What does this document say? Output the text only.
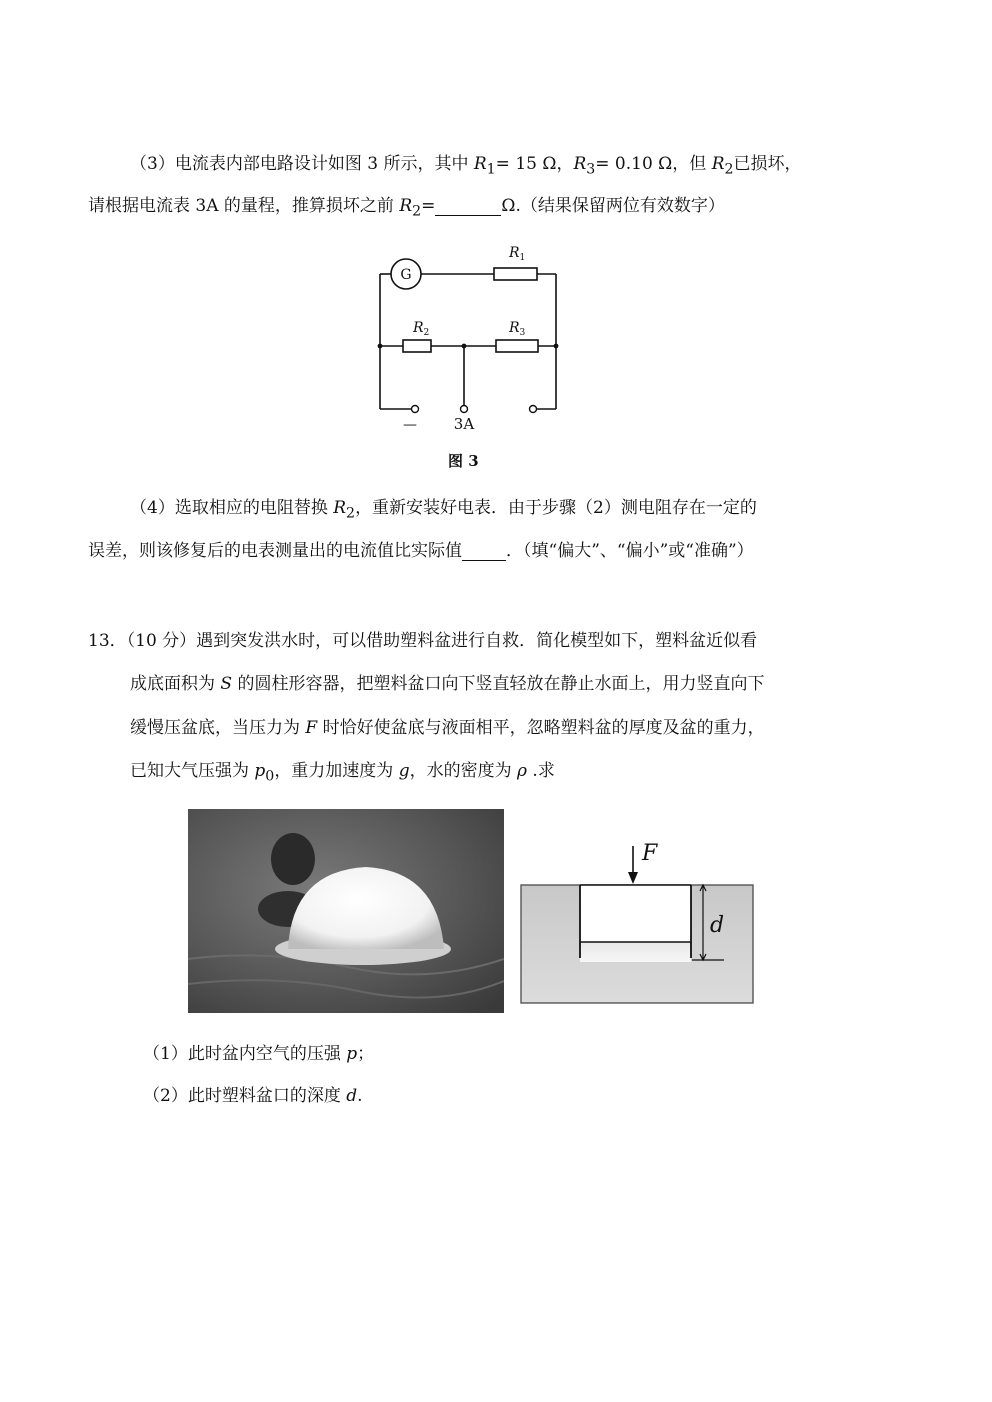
（3）电流表内部电路设计如图 3 所示，其中 $R_1= 15$ Ω，$R_3= 0.10$ Ω，但 $R_2$已损坏，
请根据电流表 3A 的量程，推算损坏之前 $R_2=$	Ω.（结果保留两位有效数字）
G
$R_1$
$R_2$	$R_3$
— 3A
图 3
（4）选取相应的电阻替换 $R_2$，重新安装好电表．由于步骤（2）测电阻存在一定的
误差，则该修复后的电表测量出的电流值比实际值	．（填“偏大”、“偏小”或“准确”）
13．（10 分）遇到突发洪水时，可以借助塑料盆进行自救．简化模型如下，塑料盆近似看
成底面积为 S 的圆柱形容器，把塑料盆口向下竖直轻放在静止水面上，用力竖直向下
缓慢压盆底，当压力为 F 时恰好使盆底与液面相平，忽略塑料盆的厚度及盆的重力，
已知大气压强为 $p_0$，重力加速度为 g，水的密度为 ρ .求
F
d
（1）此时盆内空气的压强 p；
（2）此时塑料盆口的深度 d.
